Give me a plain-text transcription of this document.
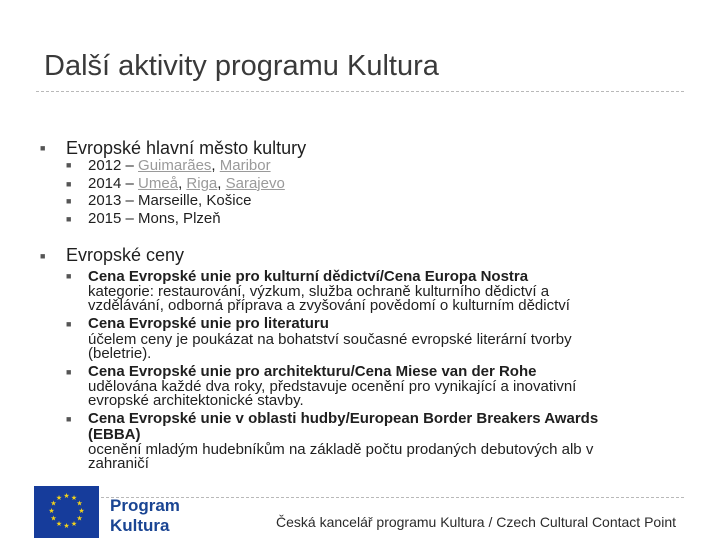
Další aktivity programu Kultura
■ Evropské hlavní město kultury
■ 2012 – Guimarães, Maribor
■ 2014 – Umeå, Riga, Sarajevo
■ 2013 – Marseille, Košice
■ 2015 – Mons, Plzeň
■ Evropské ceny
■ Cena Evropské unie pro kulturní dědictví/Cena Europa Nostra
kategorie: restaurování, výzkum, služba ochraně kulturního dědictví a
vzdělávání, odborná příprava a zvyšování povědomí o kulturním dědictví
■ Cena Evropské unie pro literaturu
účelem ceny je poukázat na bohatství současné evropské literární tvorby
(beletrie).
■ Cena Evropské unie pro architekturu/Cena Miese van der Rohe
udělována každé dva roky, představuje ocenění pro vynikající a inovativní
evropské architektonické stavby.
■ Cena Evropské unie v oblasti hudby/European Border Breakers Awards
(EBBA)
ocenění mladým hudebníkům na základě počtu prodaných debutových alb v
zahraničí
★ ★
★
★
★
★
★
★
★
★
★
★	Program
Kultura	Česká kancelář programu Kultura / Czech Cultural Contact Point
